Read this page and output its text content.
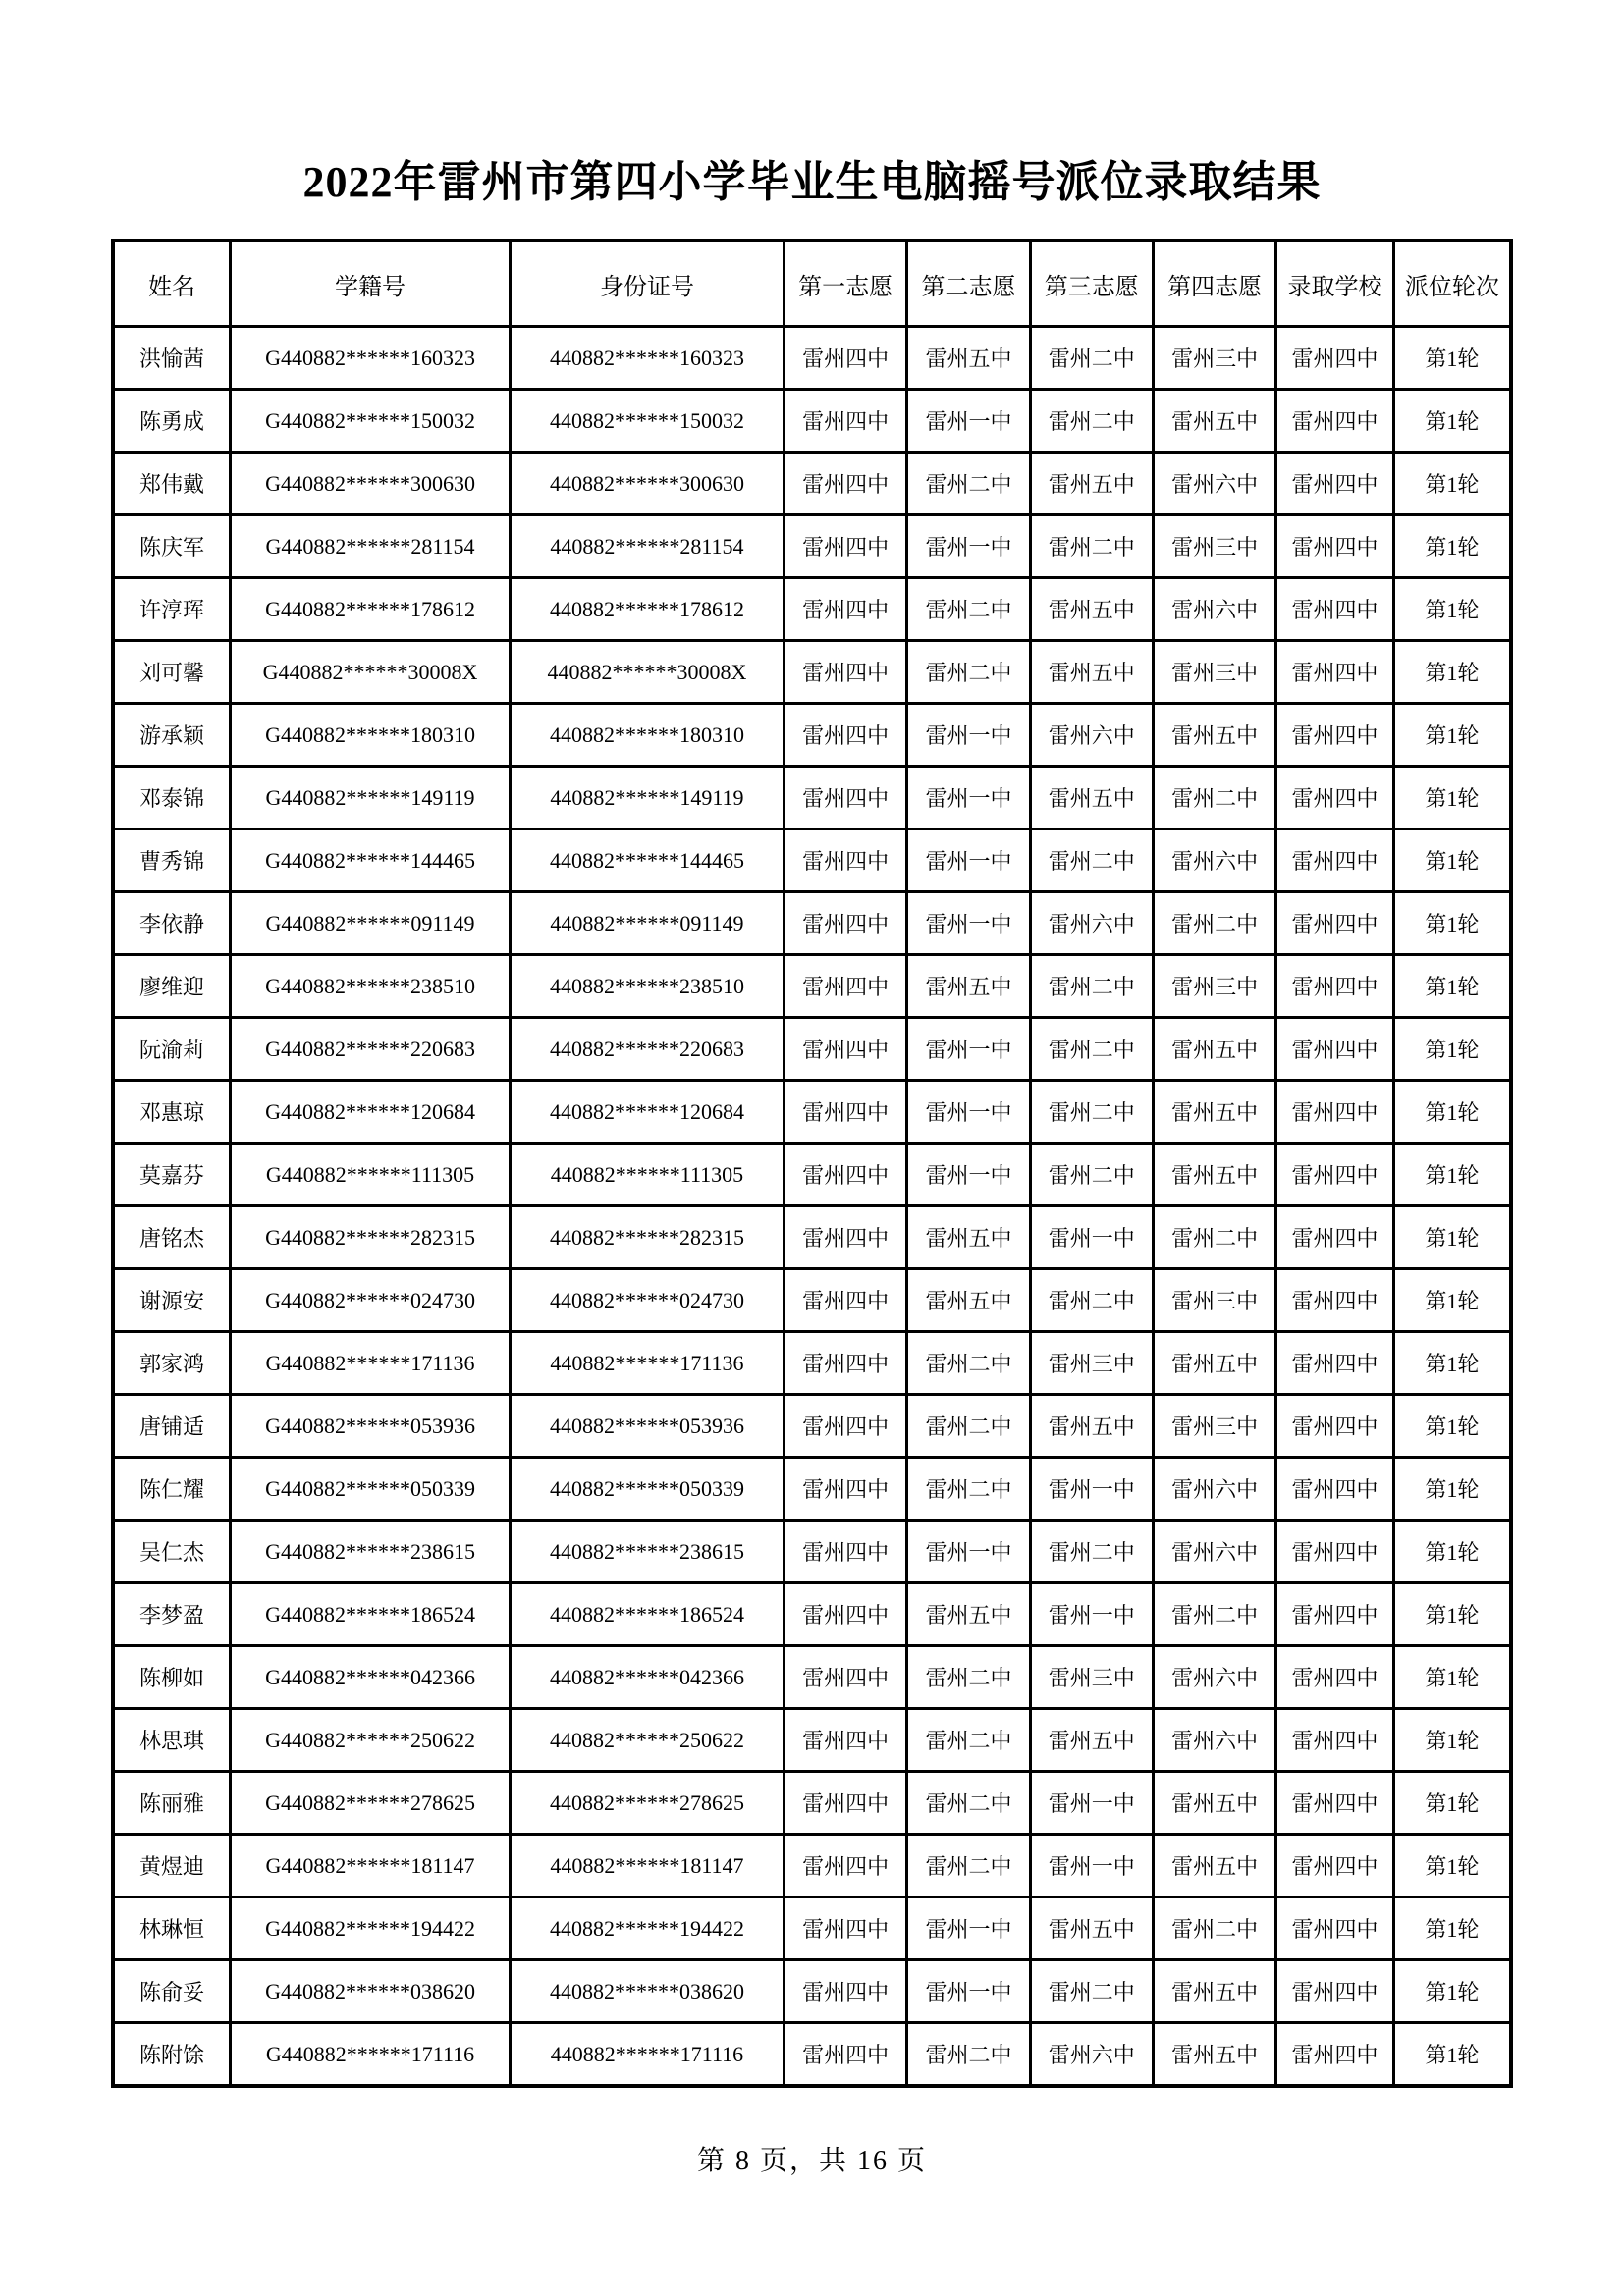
2022年雷州市第四小学毕业生电脑摇号派位录取结果
姓名	学籍号	身份证号	第一志愿	第二志愿	第三志愿	第四志愿	录取学校	派位轮次
洪愉茜	G440882******160323	440882******160323	雷州四中	雷州五中	雷州二中	雷州三中	雷州四中	第1轮
陈勇成	G440882******150032	440882******150032	雷州四中	雷州一中	雷州二中	雷州五中	雷州四中	第1轮
郑伟戴	G440882******300630	440882******300630	雷州四中	雷州二中	雷州五中	雷州六中	雷州四中	第1轮
陈庆军	G440882******281154	440882******281154	雷州四中	雷州一中	雷州二中	雷州三中	雷州四中	第1轮
许淳珲	G440882******178612	440882******178612	雷州四中	雷州二中	雷州五中	雷州六中	雷州四中	第1轮
刘可馨	G440882******30008X	440882******30008X	雷州四中	雷州二中	雷州五中	雷州三中	雷州四中	第1轮
游承颖	G440882******180310	440882******180310	雷州四中	雷州一中	雷州六中	雷州五中	雷州四中	第1轮
邓泰锦	G440882******149119	440882******149119	雷州四中	雷州一中	雷州五中	雷州二中	雷州四中	第1轮
曹秀锦	G440882******144465	440882******144465	雷州四中	雷州一中	雷州二中	雷州六中	雷州四中	第1轮
李依静	G440882******091149	440882******091149	雷州四中	雷州一中	雷州六中	雷州二中	雷州四中	第1轮
廖维迎	G440882******238510	440882******238510	雷州四中	雷州五中	雷州二中	雷州三中	雷州四中	第1轮
阮渝莉	G440882******220683	440882******220683	雷州四中	雷州一中	雷州二中	雷州五中	雷州四中	第1轮
邓惠琼	G440882******120684	440882******120684	雷州四中	雷州一中	雷州二中	雷州五中	雷州四中	第1轮
莫嘉芬	G440882******111305	440882******111305	雷州四中	雷州一中	雷州二中	雷州五中	雷州四中	第1轮
唐铭杰	G440882******282315	440882******282315	雷州四中	雷州五中	雷州一中	雷州二中	雷州四中	第1轮
谢源安	G440882******024730	440882******024730	雷州四中	雷州五中	雷州二中	雷州三中	雷州四中	第1轮
郭家鸿	G440882******171136	440882******171136	雷州四中	雷州二中	雷州三中	雷州五中	雷州四中	第1轮
唐铺适	G440882******053936	440882******053936	雷州四中	雷州二中	雷州五中	雷州三中	雷州四中	第1轮
陈仁耀	G440882******050339	440882******050339	雷州四中	雷州二中	雷州一中	雷州六中	雷州四中	第1轮
吴仁杰	G440882******238615	440882******238615	雷州四中	雷州一中	雷州二中	雷州六中	雷州四中	第1轮
李梦盈	G440882******186524	440882******186524	雷州四中	雷州五中	雷州一中	雷州二中	雷州四中	第1轮
陈柳如	G440882******042366	440882******042366	雷州四中	雷州二中	雷州三中	雷州六中	雷州四中	第1轮
林思琪	G440882******250622	440882******250622	雷州四中	雷州二中	雷州五中	雷州六中	雷州四中	第1轮
陈丽雅	G440882******278625	440882******278625	雷州四中	雷州二中	雷州一中	雷州五中	雷州四中	第1轮
黄煜迪	G440882******181147	440882******181147	雷州四中	雷州二中	雷州一中	雷州五中	雷州四中	第1轮
林琳恒	G440882******194422	440882******194422	雷州四中	雷州一中	雷州五中	雷州二中	雷州四中	第1轮
陈俞妥	G440882******038620	440882******038620	雷州四中	雷州一中	雷州二中	雷州五中	雷州四中	第1轮
陈附馀	G440882******171116	440882******171116	雷州四中	雷州二中	雷州六中	雷州五中	雷州四中	第1轮
第 8 页，共 16 页
